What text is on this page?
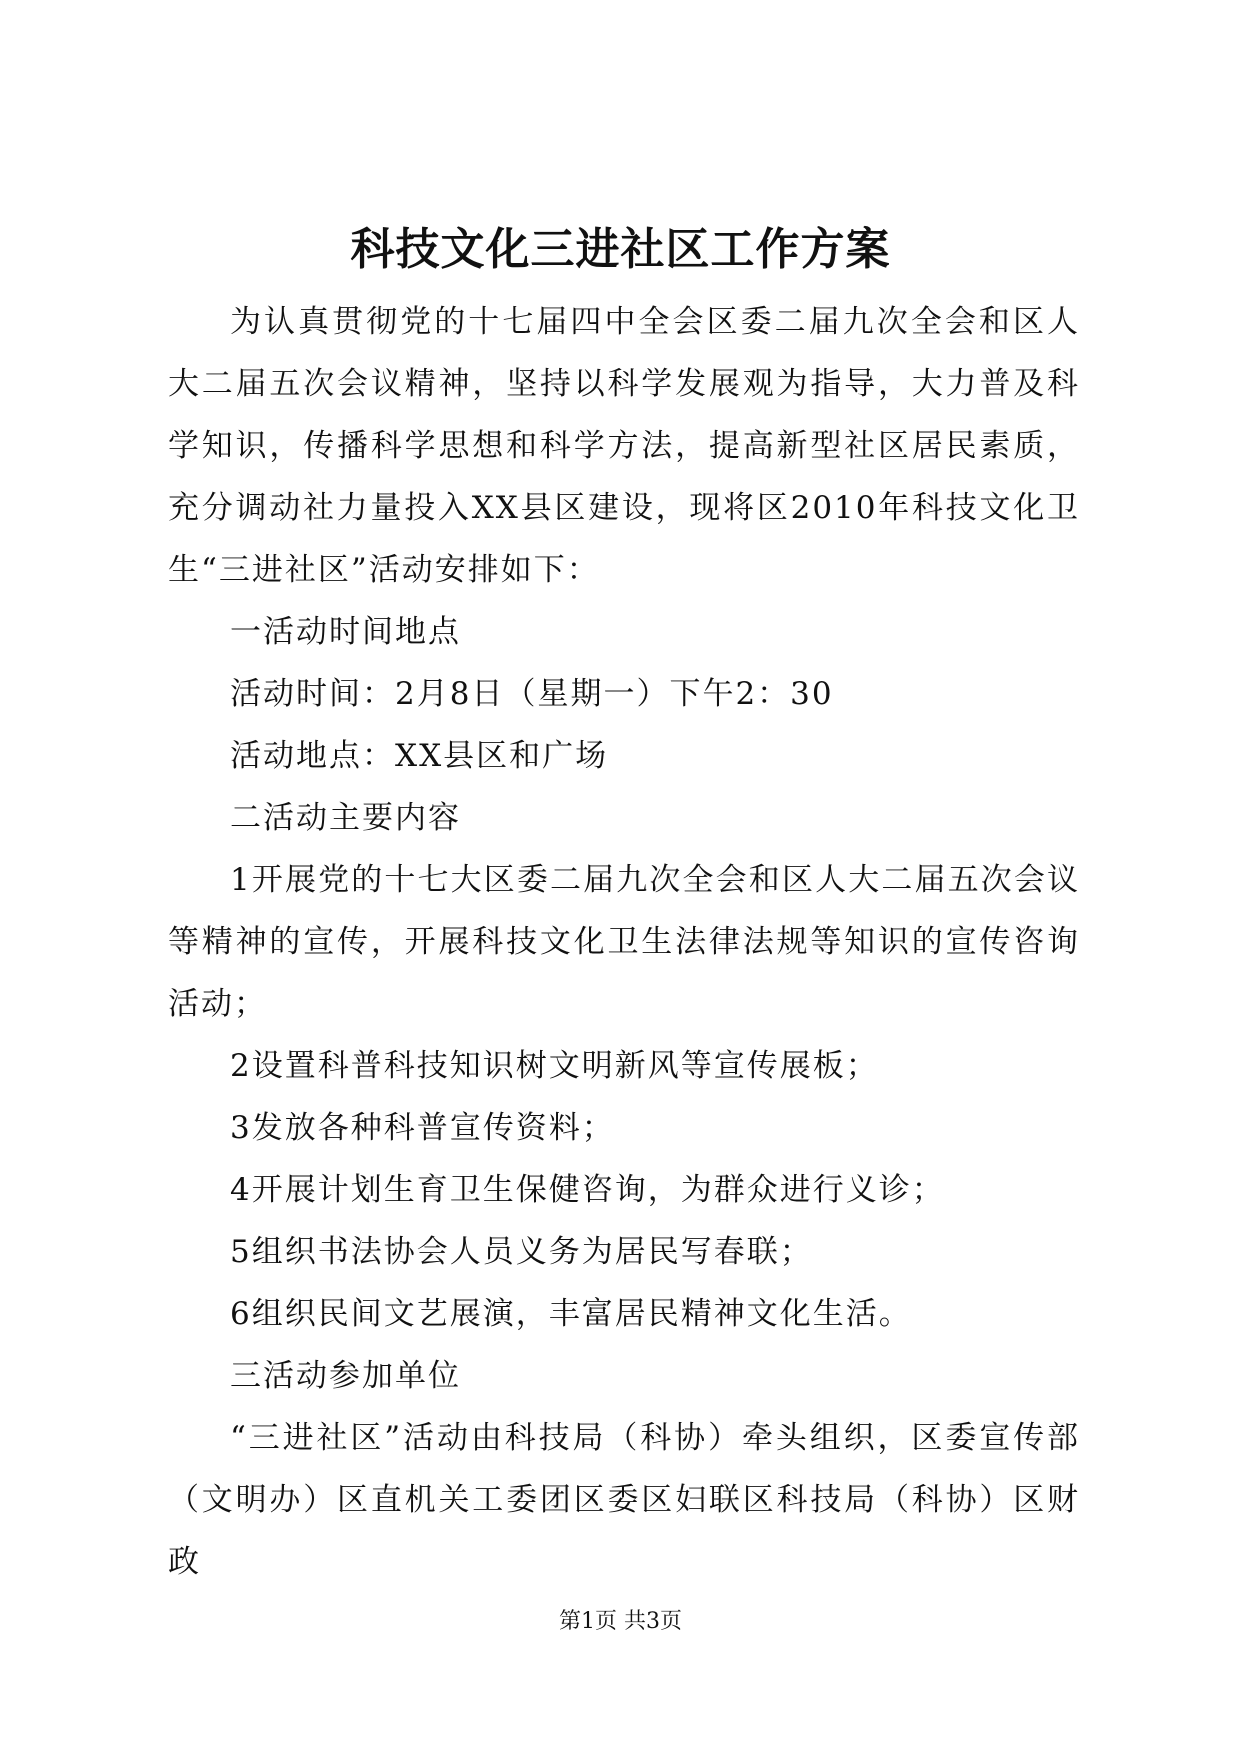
科技文化三进社区工作方案

为认真贯彻党的十七届四中全会区委二届九次全会和区人大二届五次会议精神，坚持以科学发展观为指导，大力普及科学知识，传播科学思想和科学方法，提高新型社区居民素质，充分调动社力量投入XX县区建设，现将区2010年科技文化卫生“三进社区”活动安排如下：

一活动时间地点

活动时间：2月8日（星期一）下午2：30

活动地点：XX县区和广场

二活动主要内容

1开展党的十七大区委二届九次全会和区人大二届五次会议等精神的宣传，开展科技文化卫生法律法规等知识的宣传咨询活动；

2设置科普科技知识树文明新风等宣传展板；

3发放各种科普宣传资料；

4开展计划生育卫生保健咨询，为群众进行义诊；

5组织书法协会人员义务为居民写春联；

6组织民间文艺展演，丰富居民精神文化生活。

三活动参加单位

“三进社区”活动由科技局（科协）牵头组织，区委宣传部（文明办）区直机关工委团区委区妇联区科技局（科协）区财政

第1页 共3页
